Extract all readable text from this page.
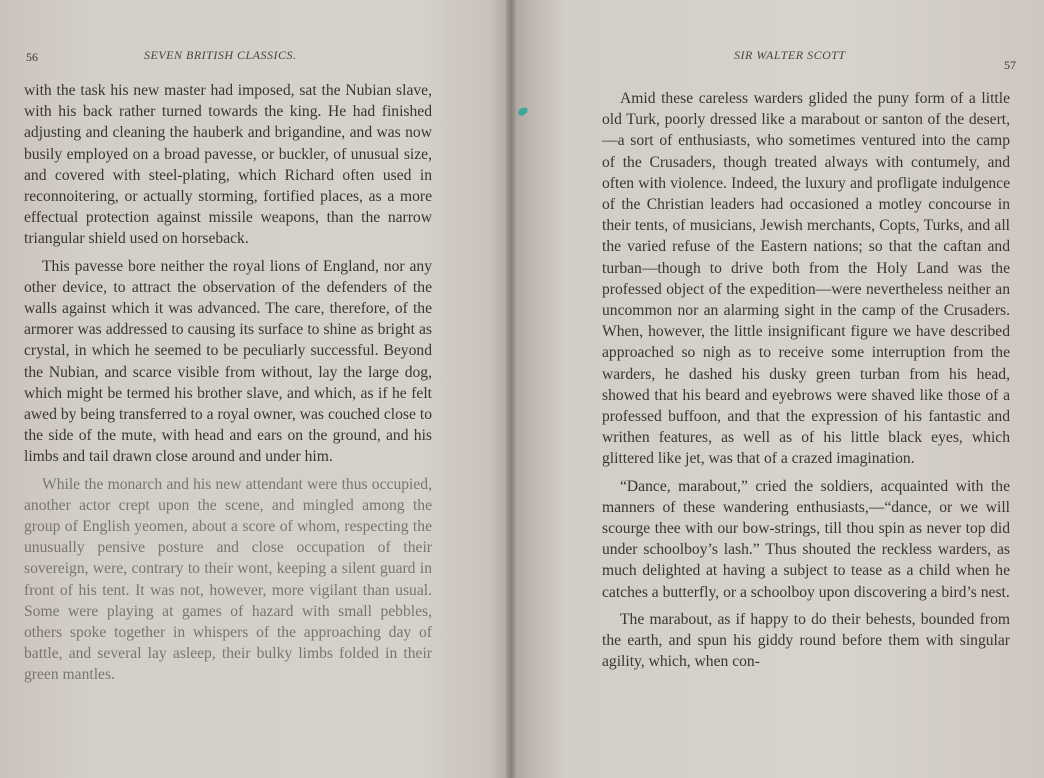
56	SEVEN BRITISH CLASSICS.

with the task his new master had imposed, sat the Nubian slave, with his back rather turned towards the king. He had finished adjusting and cleaning the hauberk and brigandine, and was now busily employed on a broad pavesse, or buckler, of unusual size, and covered with steel-plating, which Richard often used in reconnoitering, or actually storming, fortified places, as a more effectual protection against missile weapons, than the narrow triangular shield used on horseback.

This pavesse bore neither the royal lions of England, nor any other device, to attract the observation of the defenders of the walls against which it was advanced. The care, therefore, of the armorer was addressed to causing its surface to shine as bright as crystal, in which he seemed to be peculiarly successful. Beyond the Nubian, and scarce visible from without, lay the large dog, which might be termed his brother slave, and which, as if he felt awed by being transferred to a royal owner, was couched close to the side of the mute, with head and ears on the ground, and his limbs and tail drawn close around and under him.

While the monarch and his new attendant were thus occupied, another actor crept upon the scene, and mingled among the group of English yeomen, about a score of whom, respecting the unusually pensive posture and close occupation of their sovereign, were, contrary to their wont, keeping a silent guard in front of his tent. It was not, however, more vigilant than usual. Some were playing at games of hazard with small pebbles, others spoke together in whispers of the approaching day of battle, and several lay asleep, their bulky limbs folded in their green mantles.

SIR WALTER SCOTT
57

Amid these careless warders glided the puny form of a little old Turk, poorly dressed like a marabout or santon of the desert,—a sort of enthusiasts, who sometimes ventured into the camp of the Crusaders, though treated always with contumely, and often with violence. Indeed, the luxury and profligate indulgence of the Christian leaders had occasioned a motley concourse in their tents, of musicians, Jewish merchants, Copts, Turks, and all the varied refuse of the Eastern nations; so that the caftan and turban—though to drive both from the Holy Land was the professed object of the expedition—were nevertheless neither an uncommon nor an alarming sight in the camp of the Crusaders. When, however, the little insignificant figure we have described approached so nigh as to receive some interruption from the warders, he dashed his dusky green turban from his head, showed that his beard and eyebrows were shaved like those of a professed buffoon, and that the expression of his fantastic and writhen features, as well as of his little black eyes, which glittered like jet, was that of a crazed imagination.

“Dance, marabout,” cried the soldiers, acquainted with the manners of these wandering enthusiasts,—“dance, or we will scourge thee with our bow-strings, till thou spin as never top did under schoolboy’s lash.” Thus shouted the reckless warders, as much delighted at having a subject to tease as a child when he catches a butterfly, or a schoolboy upon discovering a bird’s nest.

The marabout, as if happy to do their behests, bounded from the earth, and spun his giddy round before them with singular agility, which, when con-
